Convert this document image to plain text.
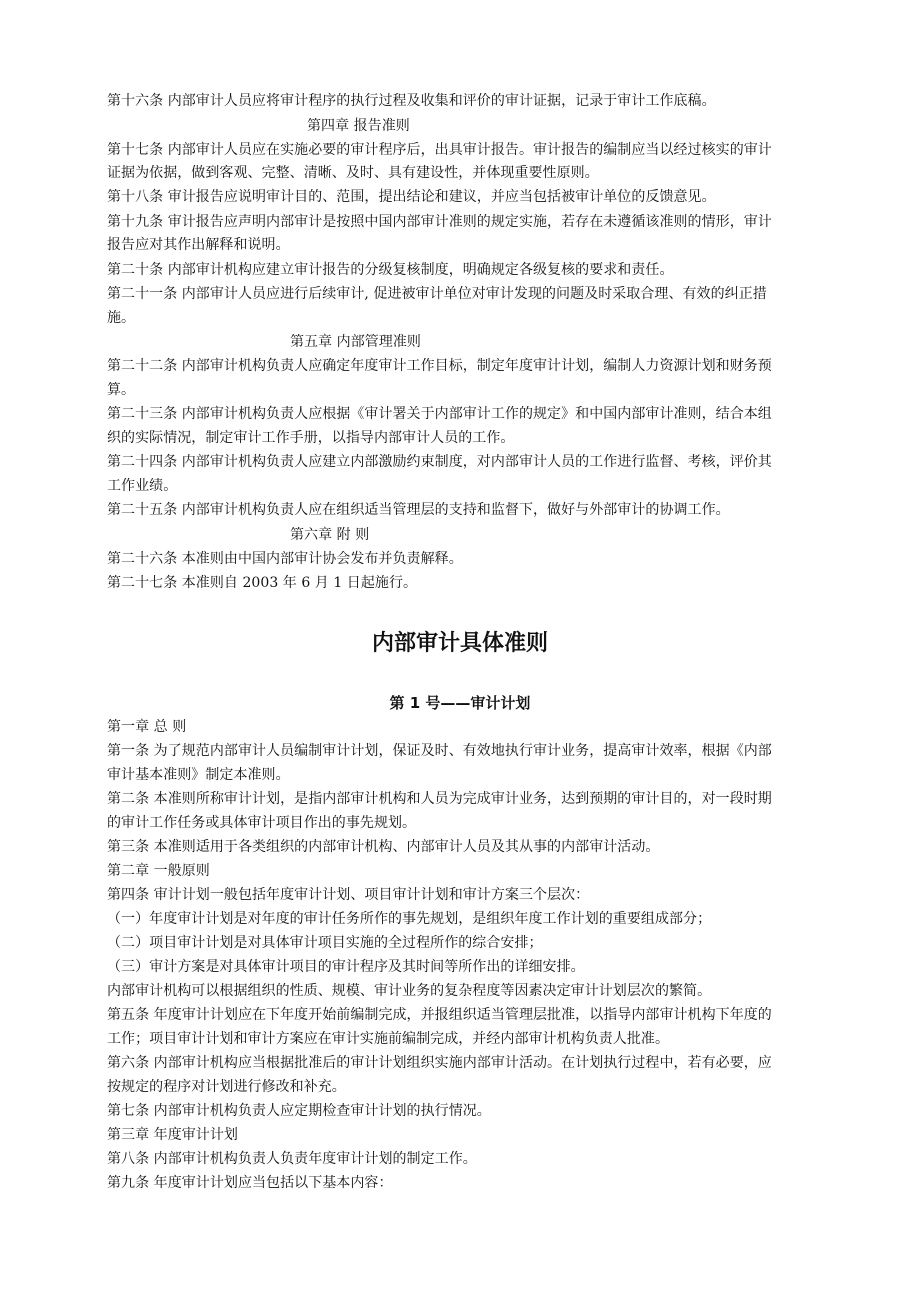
第十六条 内部审计人员应将审计程序的执行过程及收集和评价的审计证据，记录于审计工作底稿。
第四章 报告准则
第十七条 内部审计人员应在实施必要的审计程序后，出具审计报告。审计报告的编制应当以经过核实的审计
证据为依据，做到客观、完整、清晰、及时、具有建设性，并体现重要性原则。
第十八条 审计报告应说明审计目的、范围，提出结论和建议，并应当包括被审计单位的反馈意见。
第十九条 审计报告应声明内部审计是按照中国内部审计准则的规定实施，若存在未遵循该准则的情形，审计
报告应对其作出解释和说明。
第二十条 内部审计机构应建立审计报告的分级复核制度，明确规定各级复核的要求和责任。
第二十一条 内部审计人员应进行后续审计, 促进被审计单位对审计发现的问题及时采取合理、有效的纠正措
施。
第五章 内部管理准则
第二十二条 内部审计机构负责人应确定年度审计工作目标，制定年度审计计划，编制人力资源计划和财务预
算。
第二十三条 内部审计机构负责人应根据《审计署关于内部审计工作的规定》和中国内部审计准则，结合本组
织的实际情况，制定审计工作手册，以指导内部审计人员的工作。
第二十四条 内部审计机构负责人应建立内部激励约束制度，对内部审计人员的工作进行监督、考核，评价其
工作业绩。
第二十五条 内部审计机构负责人应在组织适当管理层的支持和监督下，做好与外部审计的协调工作。
第六章 附 则
第二十六条 本准则由中国内部审计协会发布并负责解释。
第二十七条 本准则自 2003 年 6 月 1 日起施行。
内部审计具体准则
第 1 号——审计计划
第一章 总 则
第一条 为了规范内部审计人员编制审计计划，保证及时、有效地执行审计业务，提高审计效率，根据《内部
审计基本准则》制定本准则。
第二条 本准则所称审计计划，是指内部审计机构和人员为完成审计业务，达到预期的审计目的，对一段时期
的审计工作任务或具体审计项目作出的事先规划。
第三条 本准则适用于各类组织的内部审计机构、内部审计人员及其从事的内部审计活动。
第二章 一般原则
第四条 审计计划一般包括年度审计计划、项目审计计划和审计方案三个层次：
（一）年度审计计划是对年度的审计任务所作的事先规划，是组织年度工作计划的重要组成部分；
（二）项目审计计划是对具体审计项目实施的全过程所作的综合安排；
（三）审计方案是对具体审计项目的审计程序及其时间等所作出的详细安排。
内部审计机构可以根据组织的性质、规模、审计业务的复杂程度等因素决定审计计划层次的繁简。
第五条 年度审计计划应在下年度开始前编制完成，并报组织适当管理层批准，以指导内部审计机构下年度的
工作；项目审计计划和审计方案应在审计实施前编制完成，并经内部审计机构负责人批准。
第六条 内部审计机构应当根据批准后的审计计划组织实施内部审计活动。在计划执行过程中，若有必要，应
按规定的程序对计划进行修改和补充。
第七条 内部审计机构负责人应定期检查审计计划的执行情况。
第三章 年度审计计划
第八条 内部审计机构负责人负责年度审计计划的制定工作。
第九条 年度审计计划应当包括以下基本内容：
